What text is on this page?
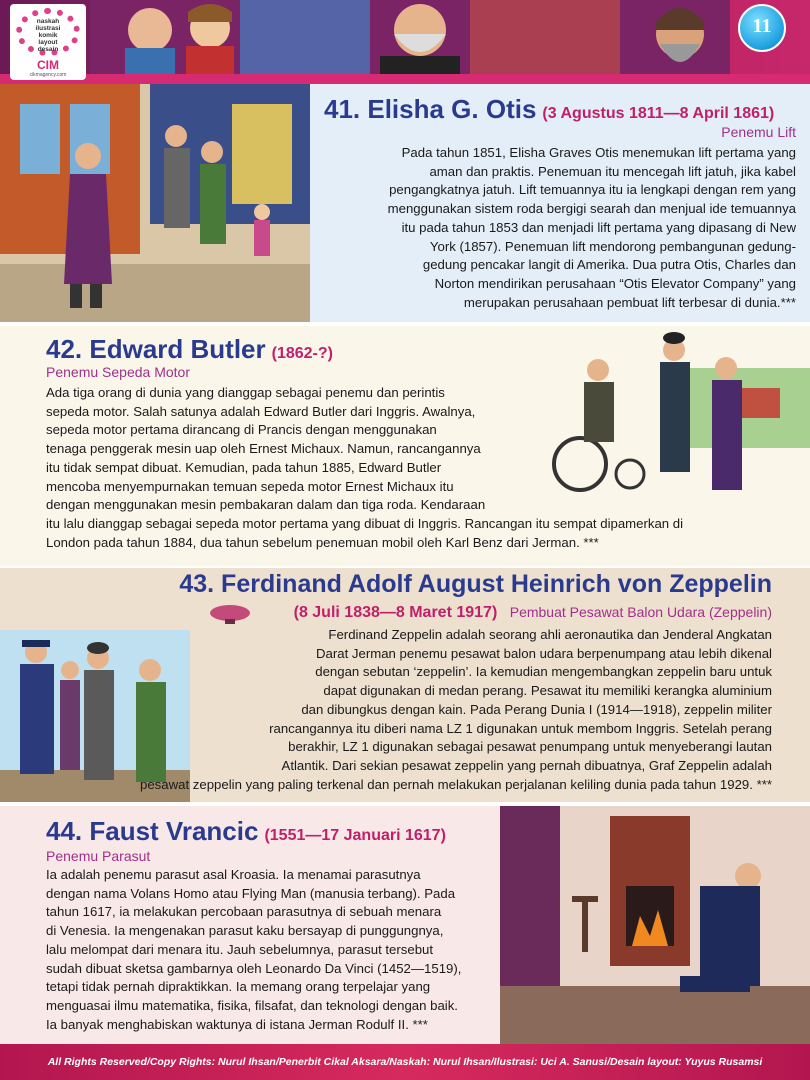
naskah
ilustrasi
komik
layout
desain
CIM
cikmagency.com
11
41. Elisha G. Otis (3 Agustus 1811—8 April 1861)
Penemu Lift
Pada tahun 1851, Elisha Graves Otis menemukan lift pertama yang
aman dan praktis. Penemuan itu mencegah lift jatuh, jika kabel
pengangkatnya jatuh. Lift temuannya itu ia lengkapi dengan rem yang
menggunakan sistem roda bergigi searah dan menjual ide temuannya
itu pada tahun 1853 dan menjadi lift pertama yang dipasang di New
York (1857). Penemuan lift mendorong pembangunan gedung-
gedung pencakar langit di Amerika. Dua putra Otis, Charles dan
Norton mendirikan perusahaan “Otis Elevator Company” yang
merupakan perusahaan pembuat lift terbesar di dunia.***
42. Edward Butler (1862-?)
Penemu Sepeda Motor
Ada tiga orang di dunia yang dianggap sebagai penemu dan perintis
sepeda motor. Salah satunya adalah Edward Butler dari Inggris. Awalnya,
sepeda motor pertama dirancang di Prancis dengan menggunakan
tenaga penggerak mesin uap oleh Ernest Michaux. Namun, rancangannya
itu tidak sempat dibuat. Kemudian, pada tahun 1885, Edward Butler
mencoba menyempurnakan temuan sepeda motor Ernest Michaux itu
dengan menggunakan mesin pembakaran dalam dan tiga roda. Kendaraan
itu lalu dianggap sebagai sepeda motor pertama yang dibuat di Inggris. Rancangan itu sempat dipamerkan di
London pada tahun 1884, dua tahun sebelum penemuan mobil oleh Karl Benz dari Jerman. ***
43. Ferdinand Adolf August Heinrich von Zeppelin
(8 Juli 1838—8 Maret 1917) Pembuat Pesawat Balon Udara (Zeppelin)
Ferdinand Zeppelin adalah seorang ahli aeronautika dan Jenderal Angkatan
Darat Jerman penemu pesawat balon udara berpenumpang atau lebih dikenal
dengan sebutan ‘zeppelin’. Ia kemudian mengembangkan zeppelin baru untuk
dapat digunakan di medan perang. Pesawat itu memiliki kerangka aluminium
dan dibungkus dengan kain. Pada Perang Dunia I (1914—1918), zeppelin militer
rancangannya itu diberi nama LZ 1 digunakan untuk membom Inggris. Setelah perang
berakhir, LZ 1 digunakan sebagai pesawat penumpang untuk menyeberangi lautan
Atlantik. Dari sekian pesawat zeppelin yang pernah dibuatnya, Graf Zeppelin adalah
pesawat zeppelin yang paling terkenal dan pernah melakukan perjalanan keliling dunia pada tahun 1929. ***
44. Faust Vrancic (1551—17 Januari 1617)
Penemu Parasut
Ia adalah penemu parasut asal Kroasia. Ia menamai parasutnya
dengan nama Volans Homo atau Flying Man (manusia terbang). Pada
tahun 1617, ia melakukan percobaan parasutnya di sebuah menara
di Venesia. Ia mengenakan parasut kaku bersayap di punggungnya,
lalu melompat dari menara itu. Jauh sebelumnya, parasut tersebut
sudah dibuat sketsa gambarnya oleh Leonardo Da Vinci (1452—1519),
tetapi tidak pernah dipraktikkan. Ia memang orang terpelajar yang
menguasai ilmu matematika, fisika, filsafat, dan teknologi dengan baik.
Ia banyak menghabiskan waktunya di istana Jerman Rodulf II. ***
All Rights Reserved/Copy Rights: Nurul Ihsan/Penerbit Cikal Aksara/Naskah: Nurul Ihsan/Ilustrasi: Uci A. Sanusi/Desain layout: Yuyus Rusamsi
